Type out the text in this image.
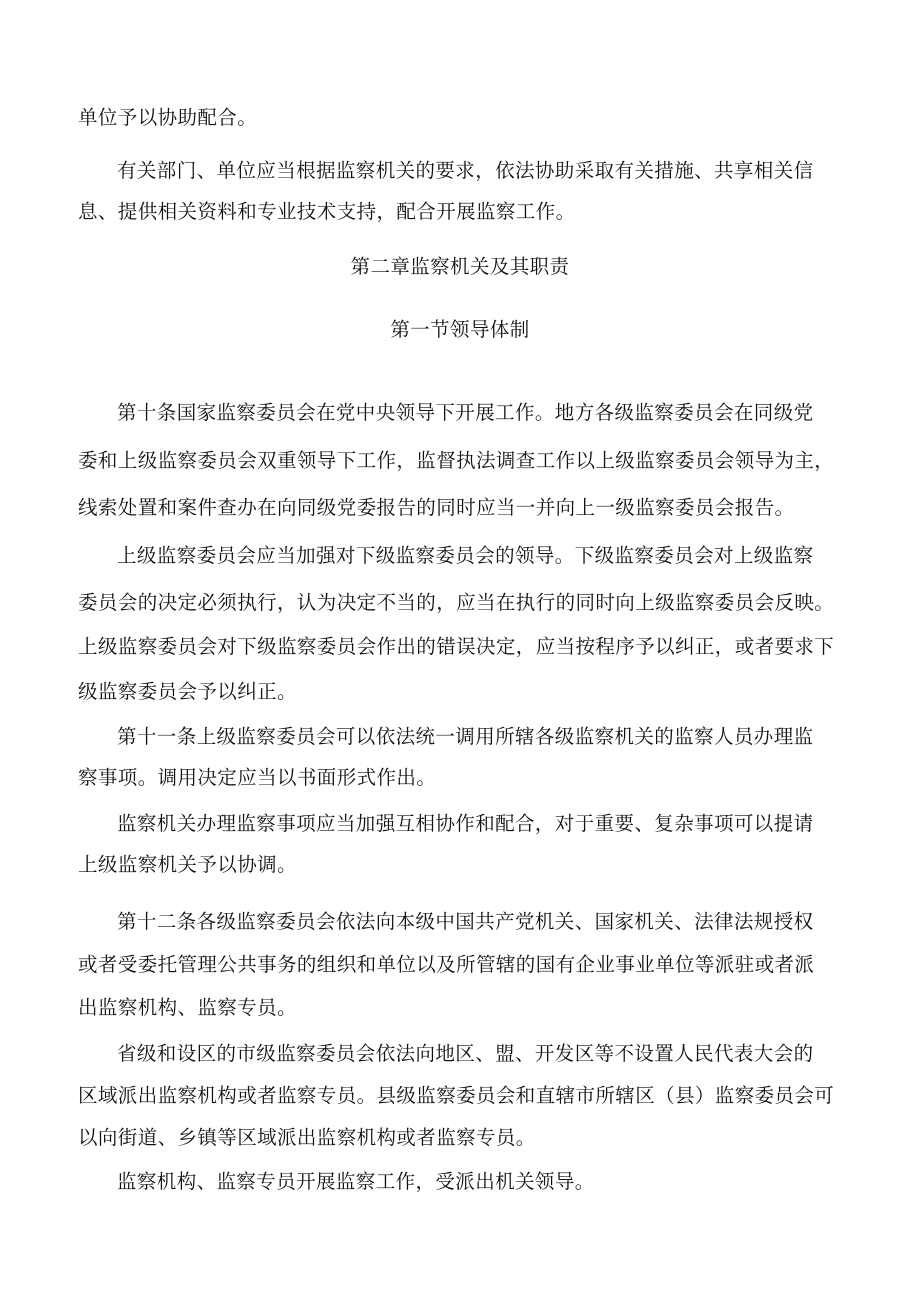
单位予以协助配合。
有关部门、单位应当根据监察机关的要求，依法协助采取有关措施、共享相关信
息、提供相关资料和专业技术支持，配合开展监察工作。
第二章监察机关及其职责
第一节领导体制
第十条国家监察委员会在党中央领导下开展工作。地方各级监察委员会在同级党
委和上级监察委员会双重领导下工作，监督执法调查工作以上级监察委员会领导为主，
线索处置和案件查办在向同级党委报告的同时应当一并向上一级监察委员会报告。
上级监察委员会应当加强对下级监察委员会的领导。下级监察委员会对上级监察
委员会的决定必须执行，认为决定不当的，应当在执行的同时向上级监察委员会反映。
上级监察委员会对下级监察委员会作出的错误决定，应当按程序予以纠正，或者要求下
级监察委员会予以纠正。
第十一条上级监察委员会可以依法统一调用所辖各级监察机关的监察人员办理监
察事项。调用决定应当以书面形式作出。
监察机关办理监察事项应当加强互相协作和配合，对于重要、复杂事项可以提请
上级监察机关予以协调。
第十二条各级监察委员会依法向本级中国共产党机关、国家机关、法律法规授权
或者受委托管理公共事务的组织和单位以及所管辖的国有企业事业单位等派驻或者派
出监察机构、监察专员。
省级和设区的市级监察委员会依法向地区、盟、开发区等不设置人民代表大会的
区域派出监察机构或者监察专员。县级监察委员会和直辖市所辖区（县）监察委员会可
以向街道、乡镇等区域派出监察机构或者监察专员。
监察机构、监察专员开展监察工作，受派出机关领导。
